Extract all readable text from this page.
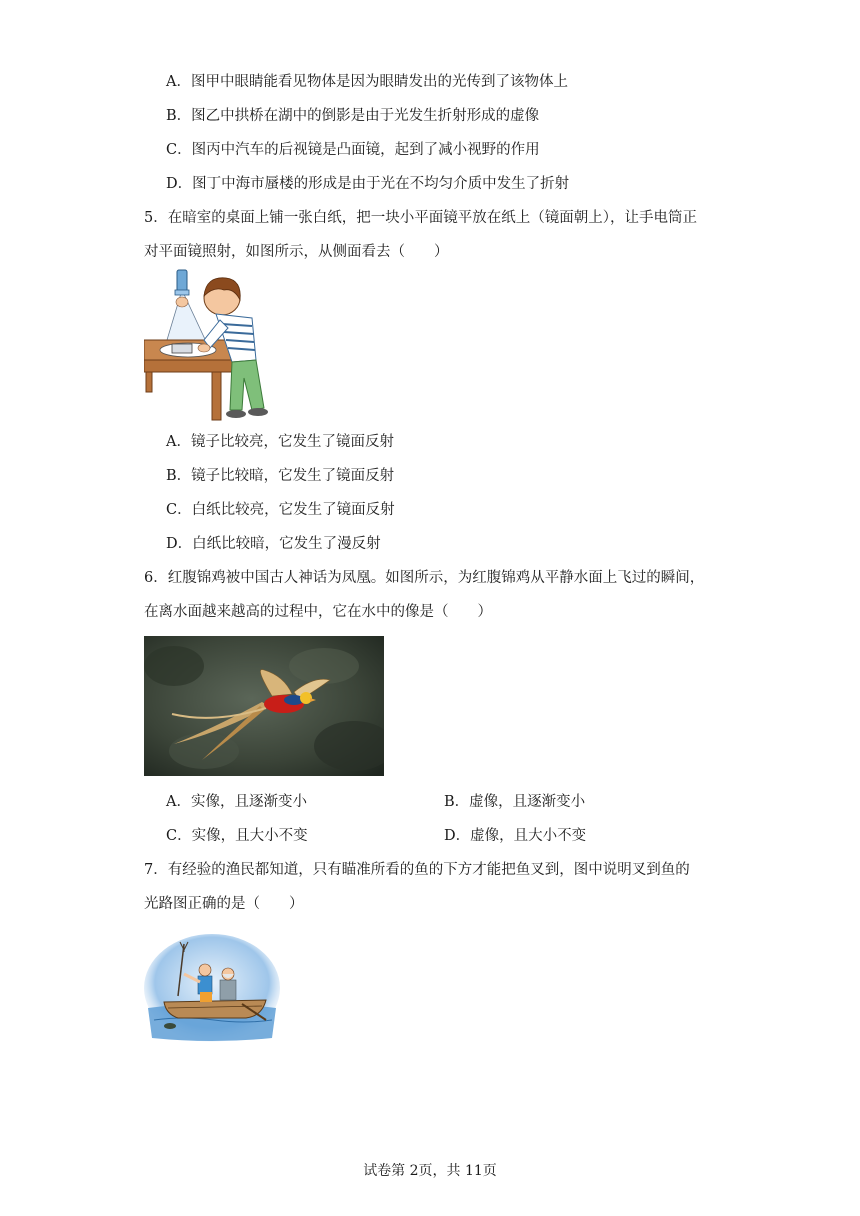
A．图甲中眼睛能看见物体是因为眼睛发出的光传到了该物体上
B．图乙中拱桥在湖中的倒影是由于光发生折射形成的虚像
C．图丙中汽车的后视镜是凸面镜，起到了减小视野的作用
D．图丁中海市蜃楼的形成是由于光在不均匀介质中发生了折射
5．在暗室的桌面上铺一张白纸，把一块小平面镜平放在纸上（镜面朝上），让手电筒正
对平面镜照射，如图所示，从侧面看去（　　）
A．镜子比较亮，它发生了镜面反射
B．镜子比较暗，它发生了镜面反射
C．白纸比较亮，它发生了镜面反射
D．白纸比较暗，它发生了漫反射
6．红腹锦鸡被中国古人神话为凤凰。如图所示，为红腹锦鸡从平静水面上飞过的瞬间，
在离水面越来越高的过程中，它在水中的像是（　　）
A．实像，且逐渐变小	B．虚像，且逐渐变小
C．实像，且大小不变	D．虚像，且大小不变
7．有经验的渔民都知道，只有瞄准所看的鱼的下方才能把鱼叉到，图中说明叉到鱼的
光路图正确的是（　　）
试卷第 2页，共 11页
